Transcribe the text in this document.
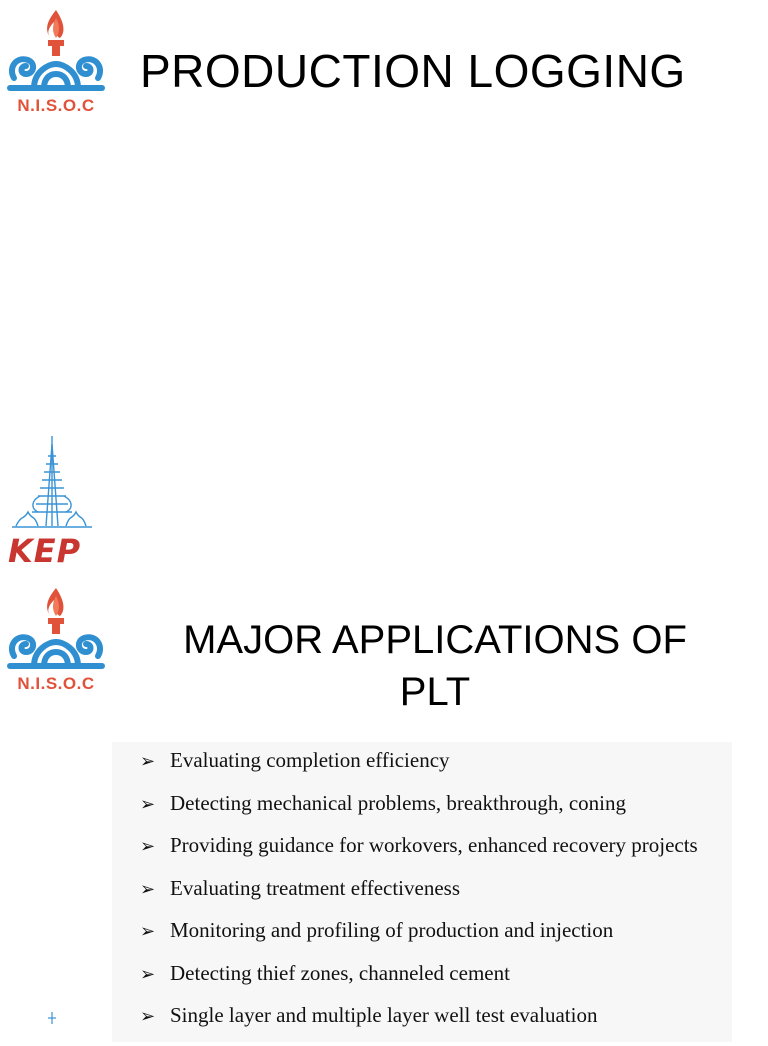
N.I.S.O.C
PRODUCTION LOGGING
KEP
N.I.S.O.C
MAJOR APPLICATIONS OF
PLT
➢ Evaluating completion efficiency
➢ Detecting mechanical problems, breakthrough, coning
➢ Providing guidance for workovers, enhanced recovery projects
➢ Evaluating treatment effectiveness
➢ Monitoring and profiling of production and injection
➢ Detecting thief zones, channeled cement
➢ Single layer and multiple layer well test evaluation
